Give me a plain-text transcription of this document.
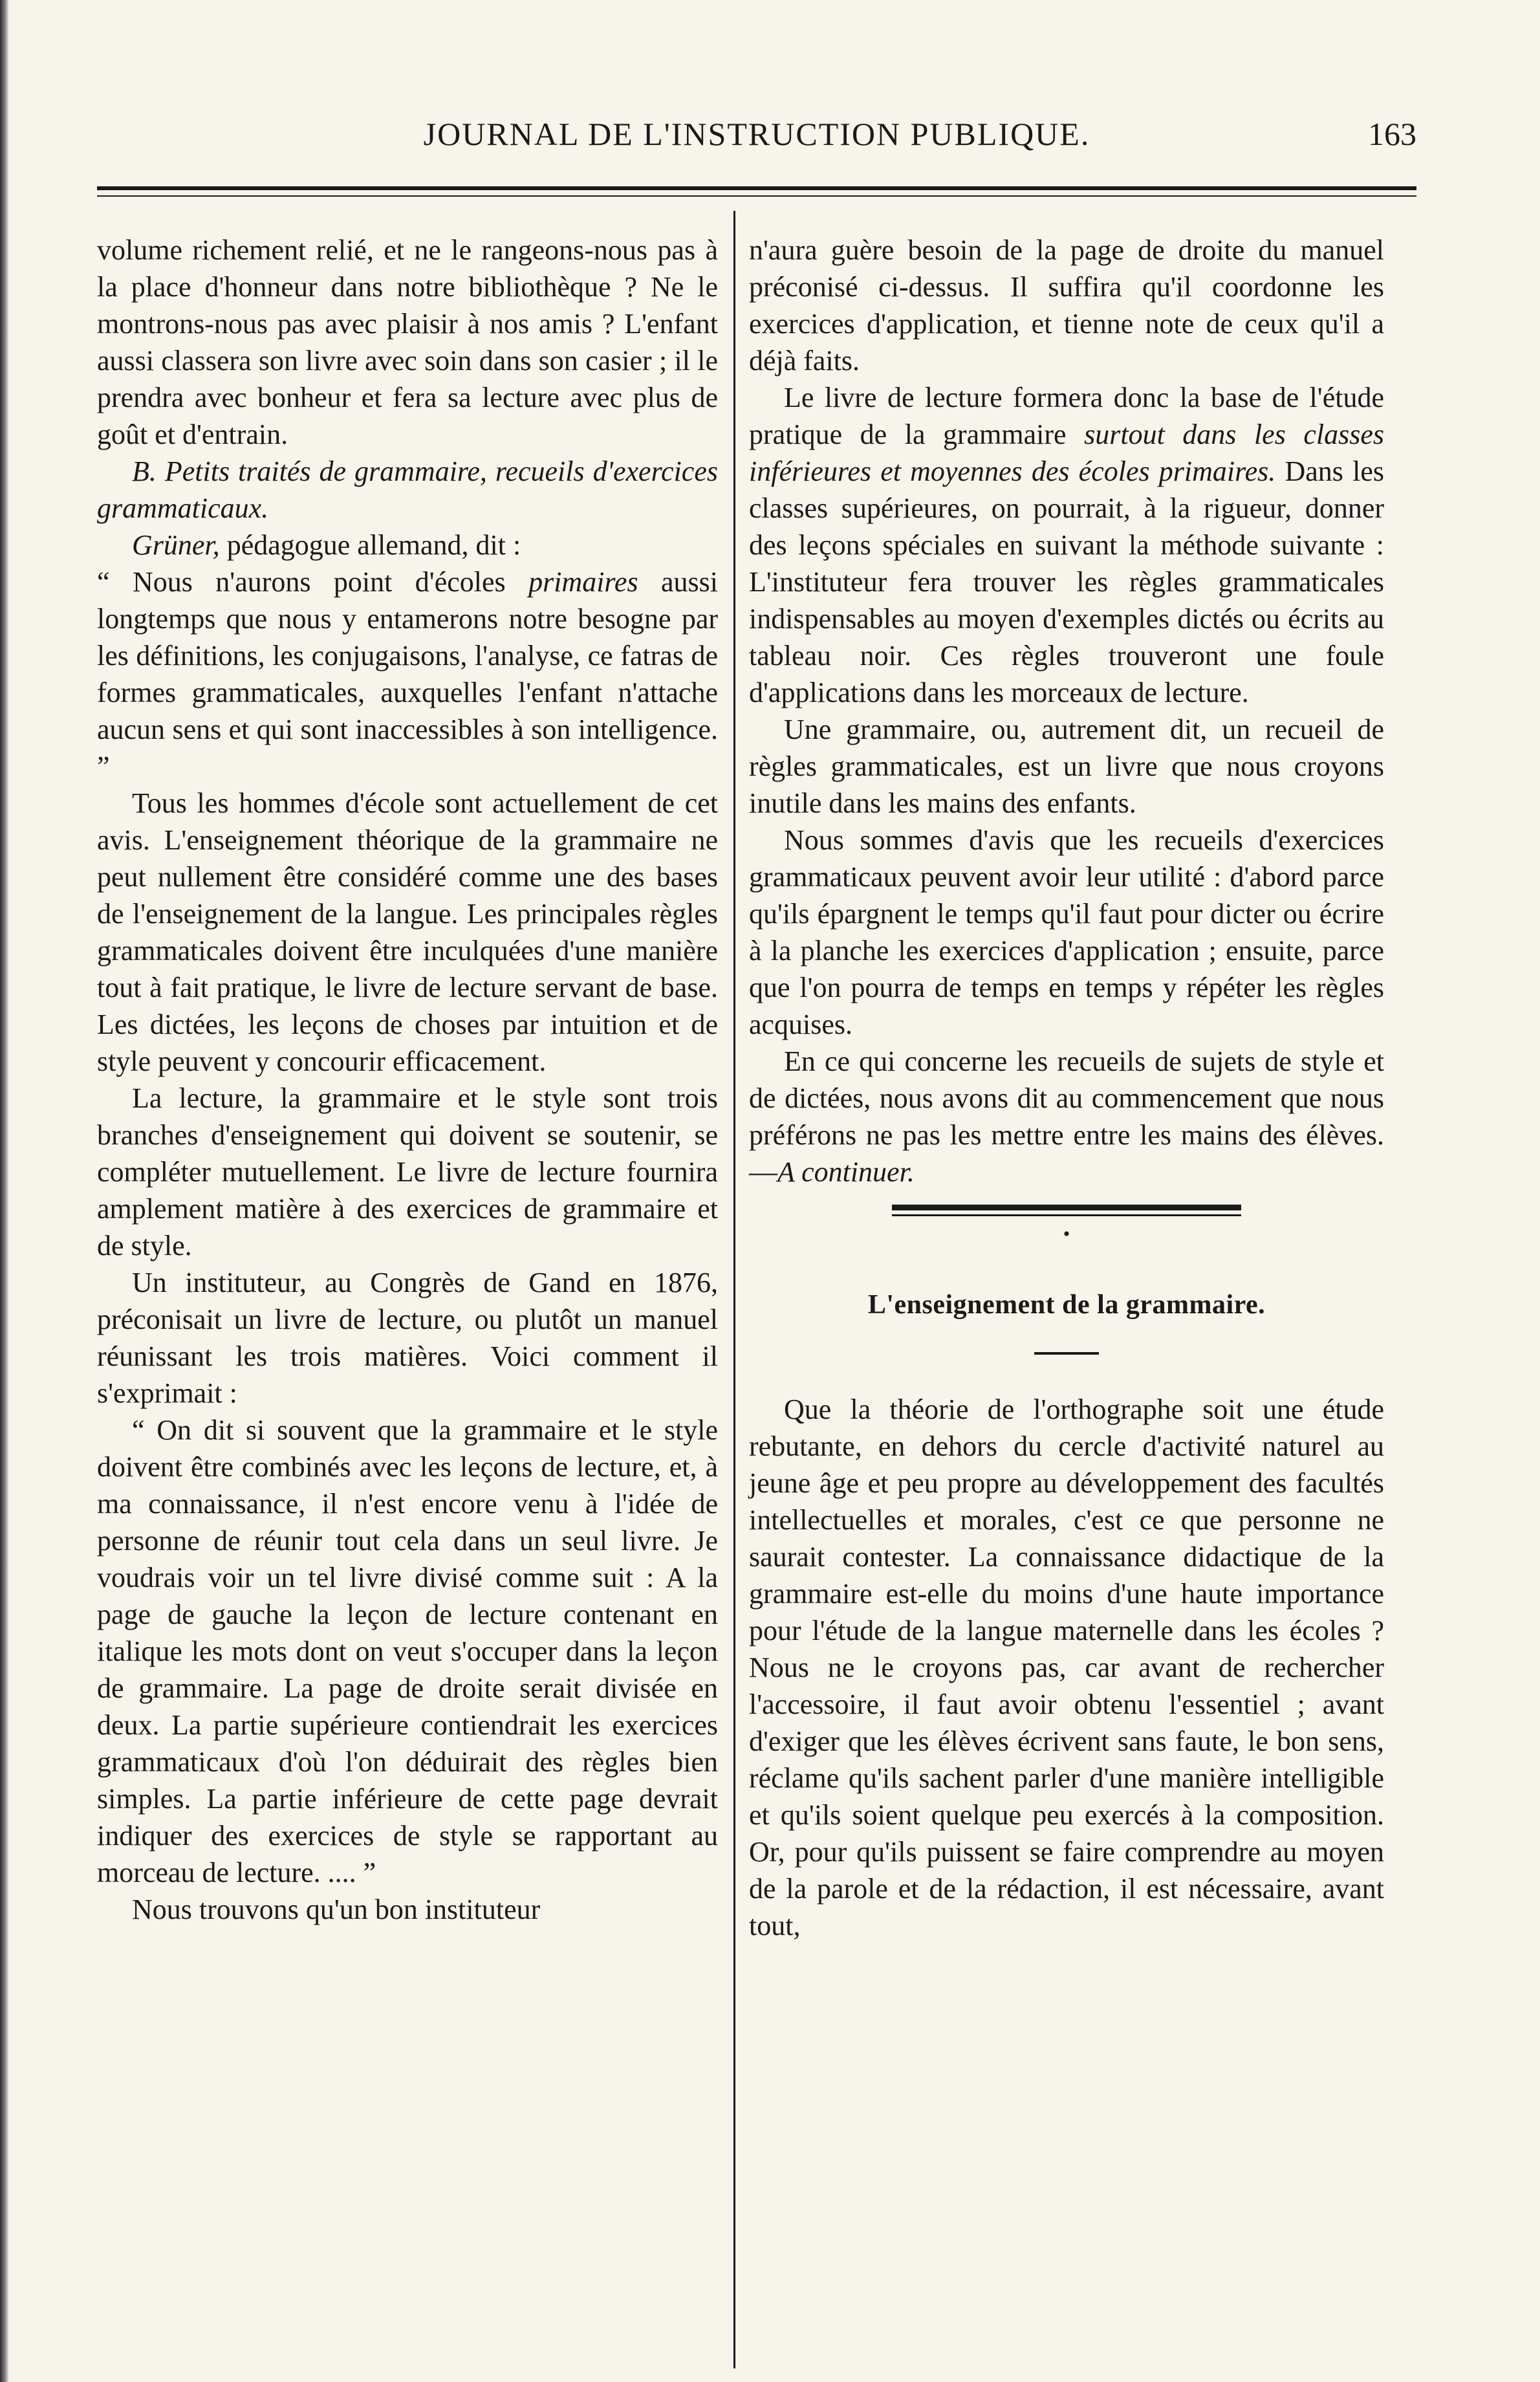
JOURNAL DE L'INSTRUCTION PUBLIQUE.	163

volume richement relié, et ne le rangeons-nous pas à la place d'honneur dans notre bibliothèque ? Ne le montrons-nous pas avec plaisir à nos amis ? L'enfant aussi classera son livre avec soin dans son casier ; il le prendra avec bonheur et fera sa lecture avec plus de goût et d'entrain.

B. Petits traités de grammaire, recueils d'exercices grammaticaux.

Grüner, pédagogue allemand, dit :

“ Nous n'aurons point d'écoles primaires aussi longtemps que nous y entamerons notre besogne par les définitions, les conjugaisons, l'analyse, ce fatras de formes grammaticales, auxquelles l'enfant n'attache aucun sens et qui sont inaccessibles à son intelligence. ”

Tous les hommes d'école sont actuellement de cet avis. L'enseignement théorique de la grammaire ne peut nullement être considéré comme une des bases de l'enseignement de la langue. Les principales règles grammaticales doivent être inculquées d'une manière tout à fait pratique, le livre de lecture servant de base. Les dictées, les leçons de choses par intuition et de style peuvent y concourir efficacement.

La lecture, la grammaire et le style sont trois branches d'enseignement qui doivent se soutenir, se compléter mutuellement. Le livre de lecture fournira amplement matière à des exercices de grammaire et de style.

Un instituteur, au Congrès de Gand en 1876, préconisait un livre de lecture, ou plutôt un manuel réunissant les trois matières. Voici comment il s'exprimait :

“ On dit si souvent que la grammaire et le style doivent être combinés avec les leçons de lecture, et, à ma connaissance, il n'est encore venu à l'idée de personne de réunir tout cela dans un seul livre. Je voudrais voir un tel livre divisé comme suit : A la page de gauche la leçon de lecture contenant en italique les mots dont on veut s'occuper dans la leçon de grammaire. La page de droite serait divisée en deux. La partie supérieure contiendrait les exercices grammaticaux d'où l'on déduirait des règles bien simples. La partie inférieure de cette page devrait indiquer des exercices de style se rapportant au morceau de lecture. .... ”

Nous trouvons qu'un bon instituteur

n'aura guère besoin de la page de droite du manuel préconisé ci-dessus. Il suffira qu'il coordonne les exercices d'application, et tienne note de ceux qu'il a déjà faits.

Le livre de lecture formera donc la base de l'étude pratique de la grammaire surtout dans les classes inférieures et moyennes des écoles primaires. Dans les classes supérieures, on pourrait, à la rigueur, donner des leçons spéciales en suivant la méthode suivante : L'instituteur fera trouver les règles grammaticales indispensables au moyen d'exemples dictés ou écrits au tableau noir. Ces règles trouveront une foule d'applications dans les morceaux de lecture.

Une grammaire, ou, autrement dit, un recueil de règles grammaticales, est un livre que nous croyons inutile dans les mains des enfants.

Nous sommes d'avis que les recueils d'exercices grammaticaux peuvent avoir leur utilité : d'abord parce qu'ils épargnent le temps qu'il faut pour dicter ou écrire à la planche les exercices d'application ; ensuite, parce que l'on pourra de temps en temps y répéter les règles acquises.

En ce qui concerne les recueils de sujets de style et de dictées, nous avons dit au commencement que nous préférons ne pas les mettre entre les mains des élèves. —A continuer.

•
L'enseignement de la grammaire.

Que la théorie de l'orthographe soit une étude rebutante, en dehors du cercle d'activité naturel au jeune âge et peu propre au développement des facultés intellectuelles et morales, c'est ce que personne ne saurait contester. La connaissance didactique de la grammaire est-elle du moins d'une haute importance pour l'étude de la langue maternelle dans les écoles ? Nous ne le croyons pas, car avant de rechercher l'accessoire, il faut avoir obtenu l'essentiel ; avant d'exiger que les élèves écrivent sans faute, le bon sens, réclame qu'ils sachent parler d'une manière intelligible et qu'ils soient quelque peu exercés à la composition. Or, pour qu'ils puissent se faire comprendre au moyen de la parole et de la rédaction, il est nécessaire, avant tout,
